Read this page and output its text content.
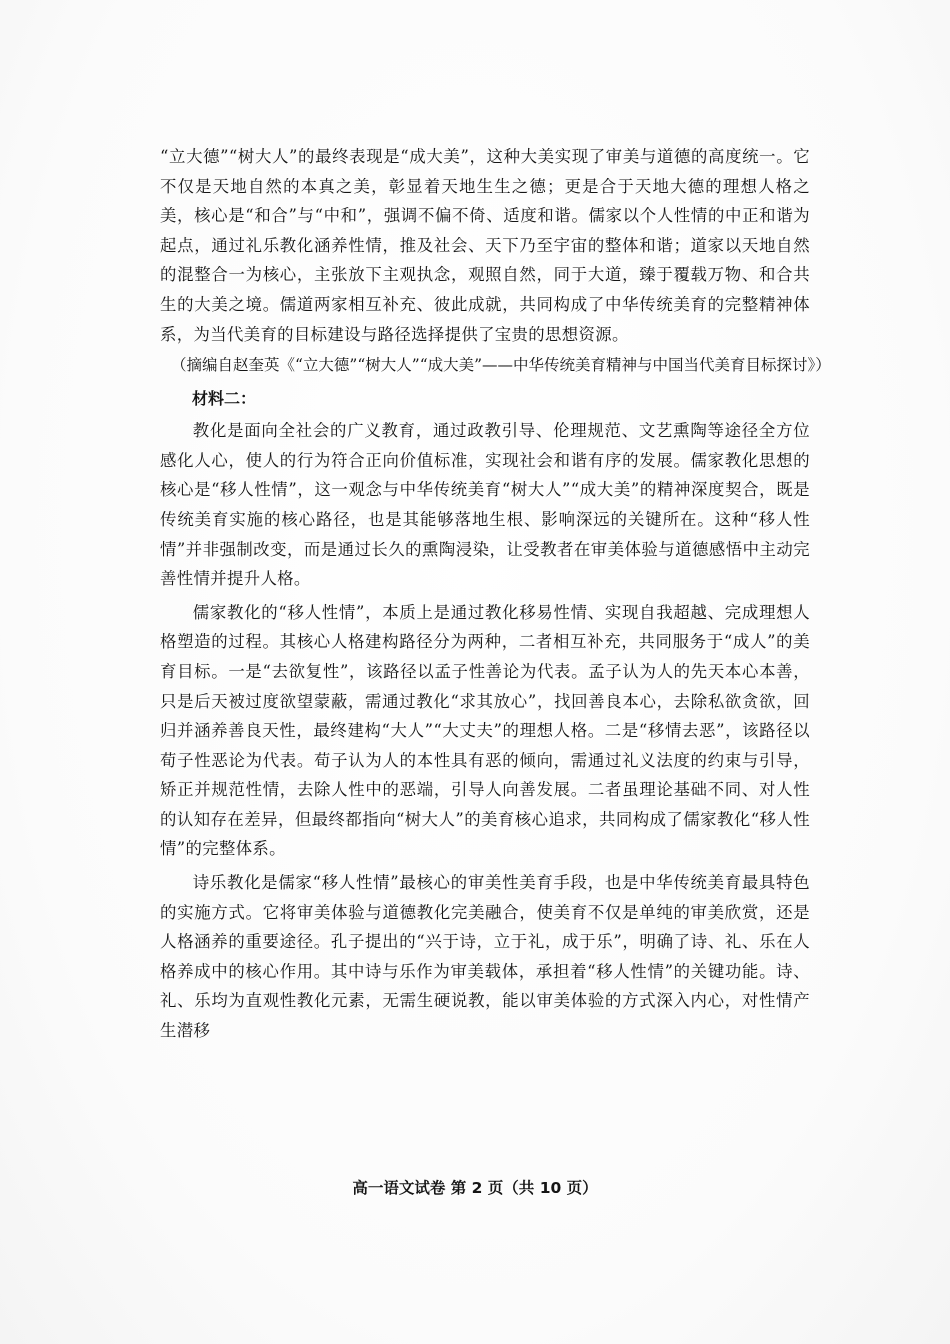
“立大德”“树大人”的最终表现是“成大美”，这种大美实现了审美与道德的高度统一。它不仅是天地自然的本真之美，彰显着天地生生之德；更是合于天地大德的理想人格之美，核心是“和合”与“中和”，强调不偏不倚、适度和谐。儒家以个人性情的中正和谐为起点，通过礼乐教化涵养性情，推及社会、天下乃至宇宙的整体和谐；道家以天地自然的混整合一为核心，主张放下主观执念，观照自然，同于大道，臻于覆载万物、和合共生的大美之境。儒道两家相互补充、彼此成就，共同构成了中华传统美育的完整精神体系，为当代美育的目标建设与路径选择提供了宝贵的思想资源。

（摘编自赵奎英《“立大德”“树大人”“成大美”——中华传统美育精神与中国当代美育目标探讨》）

材料二：

教化是面向全社会的广义教育，通过政教引导、伦理规范、文艺熏陶等途径全方位感化人心，使人的行为符合正向价值标准，实现社会和谐有序的发展。儒家教化思想的核心是“移人性情”，这一观念与中华传统美育“树大人”“成大美”的精神深度契合，既是传统美育实施的核心路径，也是其能够落地生根、影响深远的关键所在。这种“移人性情”并非强制改变，而是通过长久的熏陶浸染，让受教者在审美体验与道德感悟中主动完善性情并提升人格。

儒家教化的“移人性情”，本质上是通过教化移易性情、实现自我超越、完成理想人格塑造的过程。其核心人格建构路径分为两种，二者相互补充，共同服务于“成人”的美育目标。一是“去欲复性”，该路径以孟子性善论为代表。孟子认为人的先天本心本善，只是后天被过度欲望蒙蔽，需通过教化“求其放心”，找回善良本心，去除私欲贪欲，回归并涵养善良天性，最终建构“大人”“大丈夫”的理想人格。二是“移情去恶”，该路径以荀子性恶论为代表。荀子认为人的本性具有恶的倾向，需通过礼义法度的约束与引导，矫正并规范性情，去除人性中的恶端，引导人向善发展。二者虽理论基础不同、对人性的认知存在差异，但最终都指向“树大人”的美育核心追求，共同构成了儒家教化“移人性情”的完整体系。

诗乐教化是儒家“移人性情”最核心的审美性美育手段，也是中华传统美育最具特色的实施方式。它将审美体验与道德教化完美融合，使美育不仅是单纯的审美欣赏，还是人格涵养的重要途径。孔子提出的“兴于诗，立于礼，成于乐”，明确了诗、礼、乐在人格养成中的核心作用。其中诗与乐作为审美载体，承担着“移人性情”的关键功能。诗、礼、乐均为直观性教化元素，无需生硬说教，能以审美体验的方式深入内心，对性情产生潜移

高一语文试卷 第 2 页（共 10 页）
